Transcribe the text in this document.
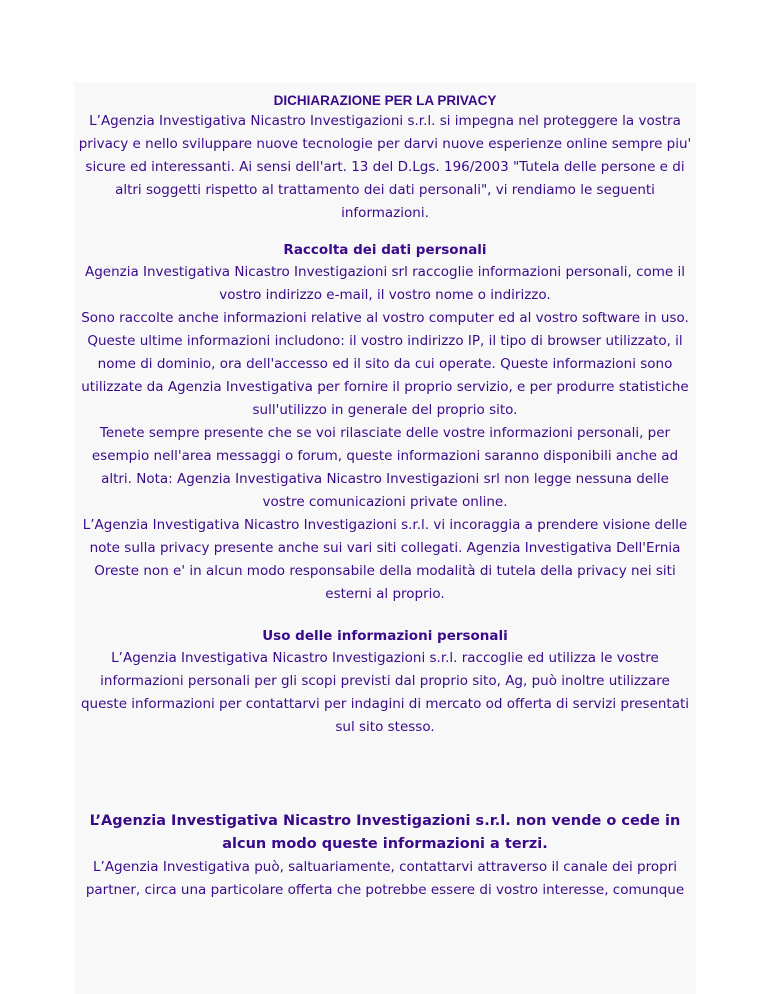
DICHIARAZIONE PER LA PRIVACY
L’Agenzia Investigativa Nicastro Investigazioni s.r.l. si impegna nel proteggere la vostra privacy e nello sviluppare nuove tecnologie per darvi nuove esperienze online sempre piu' sicure ed interessanti. Ai sensi dell'art. 13 del D.Lgs. 196/2003 "Tutela delle persone e di altri soggetti rispetto al trattamento dei dati personali", vi rendiamo le seguenti informazioni.
Raccolta dei dati personali
Agenzia Investigativa Nicastro Investigazioni srl raccoglie informazioni personali, come il vostro indirizzo e-mail, il vostro nome o indirizzo.
Sono raccolte anche informazioni relative al vostro computer ed al vostro software in uso. Queste ultime informazioni includono: il vostro indirizzo IP, il tipo di browser utilizzato, il nome di dominio, ora dell'accesso ed il sito da cui operate. Queste informazioni sono utilizzate da Agenzia Investigativa per fornire il proprio servizio, e per produrre statistiche sull'utilizzo in generale del proprio sito.
Tenete sempre presente che se voi rilasciate delle vostre informazioni personali, per esempio nell'area messaggi o forum, queste informazioni saranno disponibili anche ad altri. Nota: Agenzia Investigativa Nicastro Investigazioni srl non legge nessuna delle vostre comunicazioni private online.
L’Agenzia Investigativa Nicastro Investigazioni s.r.l. vi incoraggia a prendere visione delle note sulla privacy presente anche sui vari siti collegati. Agenzia Investigativa Dell'Ernia Oreste non e' in alcun modo responsabile della modalità di tutela della privacy nei siti esterni al proprio.
Uso delle informazioni personali
L’Agenzia Investigativa Nicastro Investigazioni s.r.l. raccoglie ed utilizza le vostre informazioni personali per gli scopi previsti dal proprio sito, Ag, può inoltre utilizzare queste informazioni per contattarvi per indagini di mercato od offerta di servizi presentati sul sito stesso.
L’Agenzia Investigativa Nicastro Investigazioni s.r.l. non vende o cede in alcun modo queste informazioni a terzi.
L’Agenzia Investigativa può, saltuariamente, contattarvi attraverso il canale dei propri partner, circa una particolare offerta che potrebbe essere di vostro interesse, comunque
